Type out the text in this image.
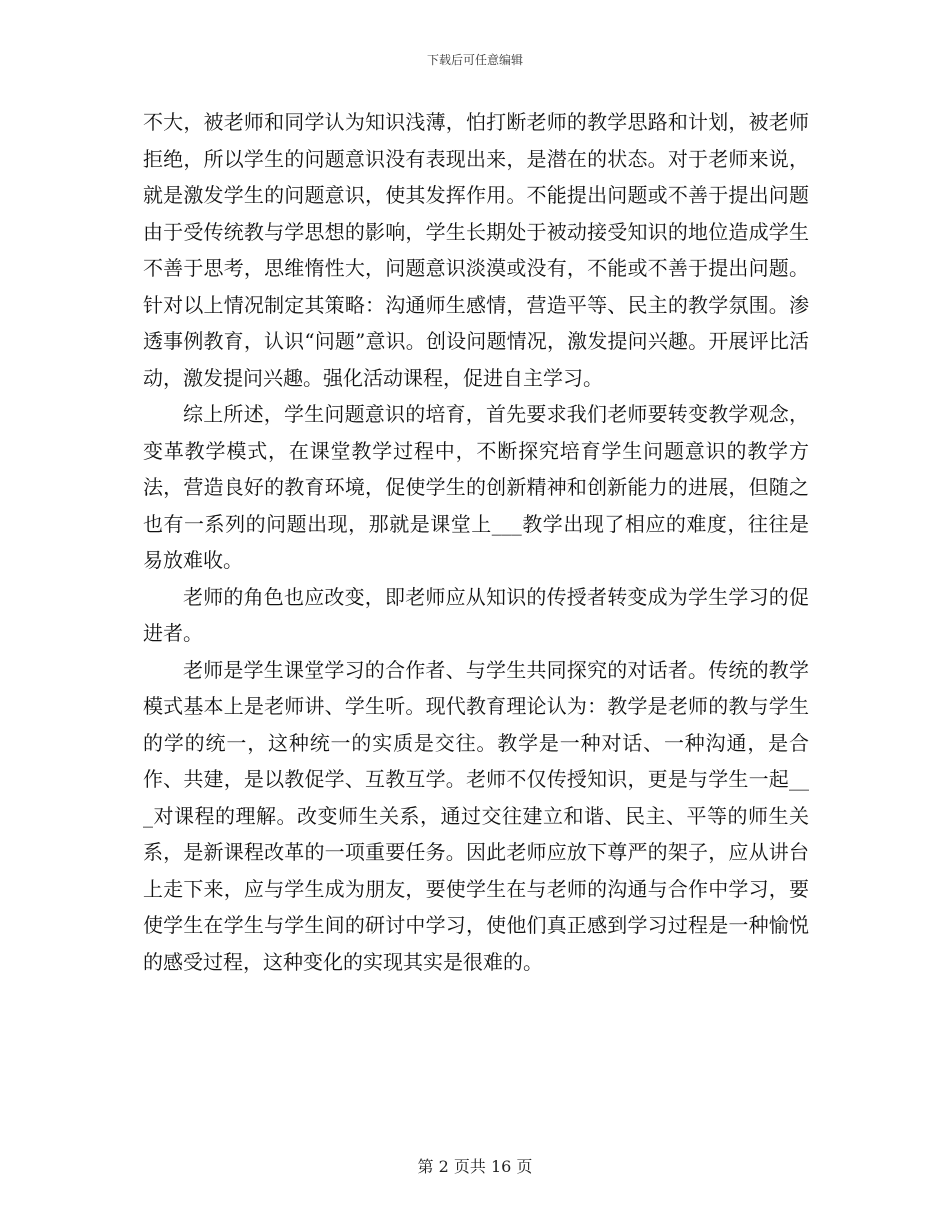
下载后可任意编辑

不大，被老师和同学认为知识浅薄，怕打断老师的教学思路和计划，被老师拒绝，所以学生的问题意识没有表现出来，是潜在的状态。对于老师来说，就是激发学生的问题意识，使其发挥作用。不能提出问题或不善于提出问题由于受传统教与学思想的影响，学生长期处于被动接受知识的地位造成学生不善于思考，思维惰性大，问题意识淡漠或没有，不能或不善于提出问题。针对以上情况制定其策略：沟通师生感情，营造平等、民主的教学氛围。渗透事例教育，认识“问题”意识。创设问题情况，激发提问兴趣。开展评比活动，激发提问兴趣。强化活动课程，促进自主学习。

综上所述，学生问题意识的培育，首先要求我们老师要转变教学观念，变革教学模式，在课堂教学过程中，不断探究培育学生问题意识的教学方法，营造良好的教育环境，促使学生的创新精神和创新能力的进展，但随之也有一系列的问题出现，那就是课堂上___教学出现了相应的难度，往往是易放难收。

老师的角色也应改变，即老师应从知识的传授者转变成为学生学习的促进者。

老师是学生课堂学习的合作者、与学生共同探究的对话者。传统的教学模式基本上是老师讲、学生听。现代教育理论认为：教学是老师的教与学生的学的统一，这种统一的实质是交往。教学是一种对话、一种沟通，是合作、共建，是以教促学、互教互学。老师不仅传授知识，更是与学生一起___对课程的理解。改变师生关系，通过交往建立和谐、民主、平等的师生关系，是新课程改革的一项重要任务。因此老师应放下尊严的架子，应从讲台上走下来，应与学生成为朋友，要使学生在与老师的沟通与合作中学习，要使学生在学生与学生间的研讨中学习，使他们真正感到学习过程是一种愉悦的感受过程，这种变化的实现其实是很难的。

第 2 页共 16 页
